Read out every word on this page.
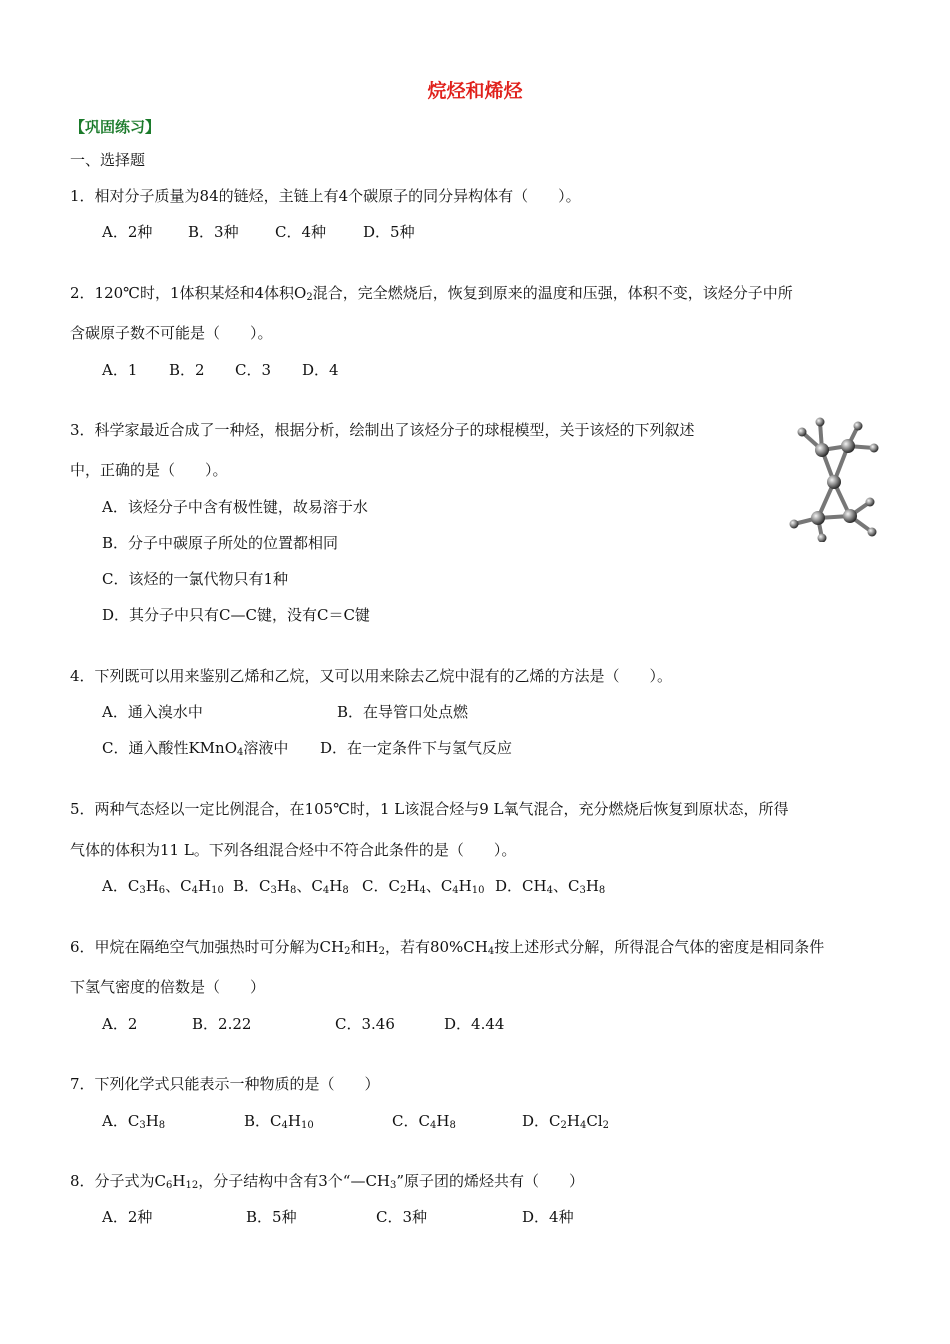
烷烃和烯烃
【巩固练习】
一、选择题
1．相对分子质量为84的链烃，主链上有4个碳原子的同分异构体有（　　）。
A．2种 B．3种 C．4种 D．5种
2．120℃时，1体积某烃和4体积$O_2$混合，完全燃烧后，恢复到原来的温度和压强，体积不变，该烃分子中所
含碳原子数不可能是（　　）。
A．1 B．2 C．3 D．4
3．科学家最近合成了一种烃，根据分析，绘制出了该烃分子的球棍模型，关于该烃的下列叙述
中，正确的是（　　）。
A．该烃分子中含有极性键，故易溶于水
B．分子中碳原子所处的位置都相同
C．该烃的一氯代物只有1种
D．其分子中只有C—C键，没有C＝C键
4．下列既可以用来鉴别乙烯和乙烷，又可以用来除去乙烷中混有的乙烯的方法是（　　）。
A．通入溴水中	B．在导管口处点燃
C．通入酸性KMnO$_4$溶液中 D．在一定条件下与氢气反应
5．两种气态烃以一定比例混合，在105℃时，1 L该混合烃与9 L氧气混合，充分燃烧后恢复到原状态，所得
气体的体积为11 L。下列各组混合烃中不符合此条件的是（　　）。
A．$C_3H_6$、$C_4H_{10}$ B．$C_3H_8$、$C_4H_8$ C．$C_2H_4$、$C_4H_{10}$ D．$CH_4$、$C_3H_8$
6．甲烷在隔绝空气加强热时可分解为$CH_2$和$H_2$，若有$80\%CH_4$按上述形式分解，所得混合气体的密度是相同条件
下氢气密度的倍数是（　　）
A．2	B．2.22	C．3.46	D．4.44
7．下列化学式只能表示一种物质的是（　　）
A．$C_3H_8$	B．$C_4H_{10}$	C．$C_4H_8$	D．$C_2H_4Cl_2$
8．分子式为$C_6H_{12}$，分子结构中含有3个“$—CH_3$”原子团的烯烃共有（　　）
A．2种	B．5种	C．3种	D．4种
